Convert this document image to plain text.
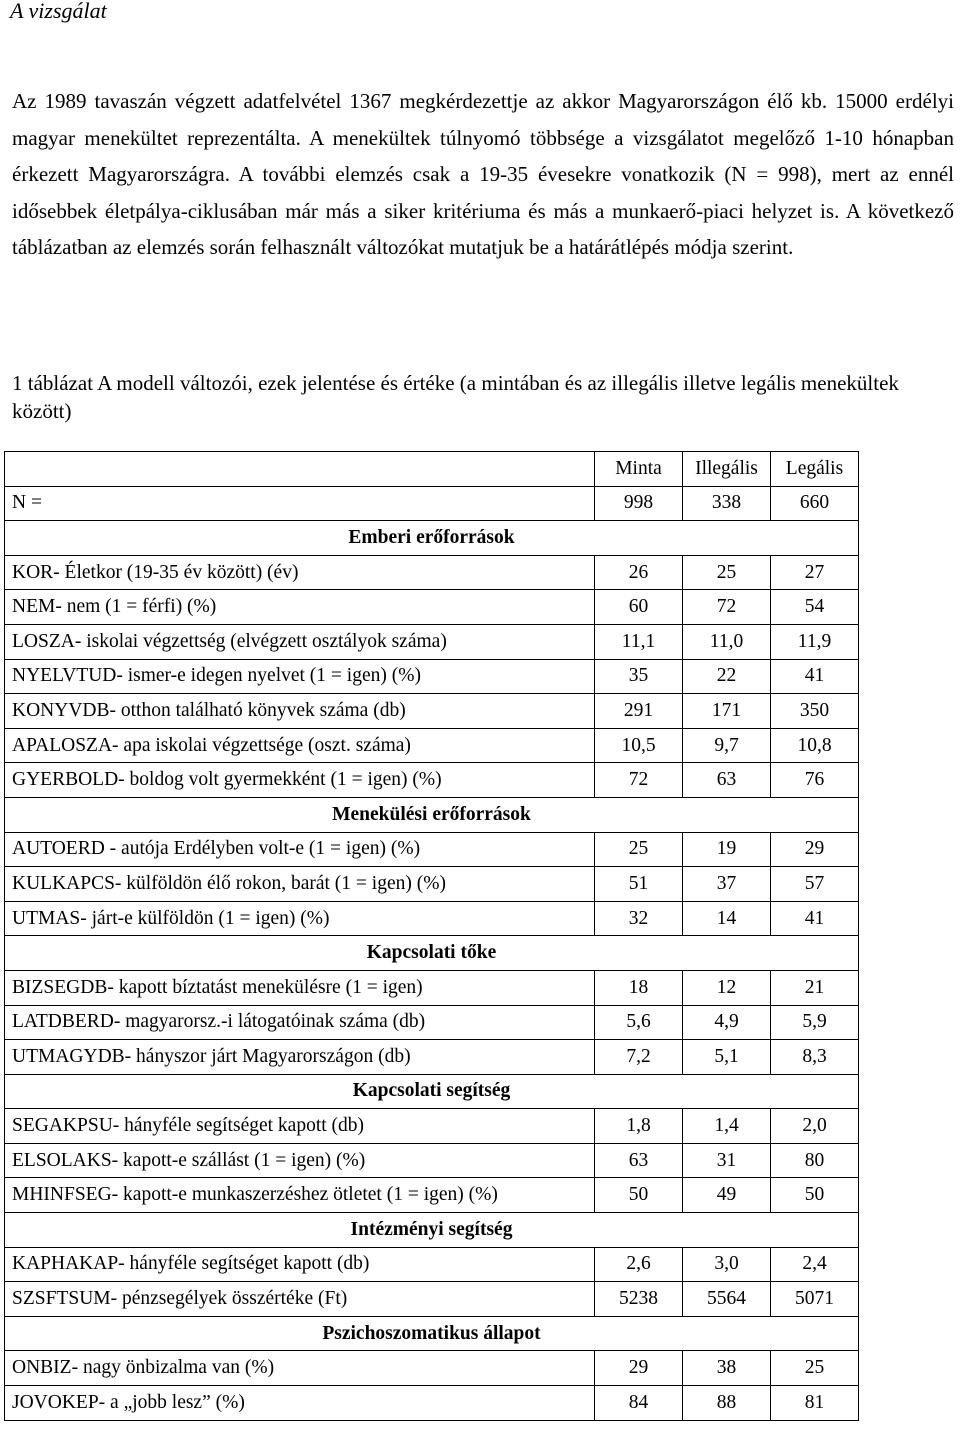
A vizsgálat

Az 1989 tavaszán végzett adatfelvétel 1367 megkérdezettje az akkor Magyarországon élő kb. 15000 erdélyi magyar menekültet reprezentálta. A menekültek túlnyomó többsége a vizsgálatot megelőző 1-10 hónapban érkezett Magyarországra. A további elemzés csak a 19-35 évesekre vonatkozik (N = 998), mert az ennél idősebbek életpálya-ciklusában már más a siker kritériuma és más a munkaerő-piaci helyzet is. A következő táblázatban az elemzés során felhasznált változókat mutatjuk be a határátlépés módja szerint.

1 táblázat A modell változói, ezek jelentése és értéke (a mintában és az illegális illetve legális menekültek között)

	Minta	Illegális	Legális
N =	998	338	660
Emberi erőforrások			
KOR- Életkor (19-35 év között) (év)	26	25	27
NEM- nem (1 = férfi) (%)	60	72	54
LOSZA- iskolai végzettség (elvégzett osztályok száma)	11,1	11,0	11,9
NYELVTUD- ismer-e idegen nyelvet (1 = igen) (%)	35	22	41
KONYVDB- otthon található könyvek száma (db)	291	171	350
APALOSZA- apa iskolai végzettsége (oszt. száma)	10,5	9,7	10,8
GYERBOLD- boldog volt gyermekként (1 = igen) (%)	72	63	76
Menekülési erőforrások			
AUTOERD - autója Erdélyben volt-e (1 = igen) (%)	25	19	29
KULKAPCS- külföldön élő rokon, barát (1 = igen) (%)	51	37	57
UTMAS- járt-e külföldön (1 = igen) (%)	32	14	41
Kapcsolati tőke			
BIZSEGDB- kapott bíztatást menekülésre (1 = igen)	18	12	21
LATDBERD- magyarorsz.-i látogatóinak száma (db)	5,6	4,9	5,9
UTMAGYDB- hányszor járt Magyarországon (db)	7,2	5,1	8,3
Kapcsolati segítség			
SEGAKPSU- hányféle segítséget kapott (db)	1,8	1,4	2,0
ELSOLAKS- kapott-e szállást (1 = igen) (%)	63	31	80
MHINFSEG- kapott-e munkaszerzéshez ötletet (1 = igen) (%)	50	49	50
Intézményi segítség			
KAPHAKAP- hányféle segítséget kapott (db)	2,6	3,0	2,4
SZSFTSUM- pénzsegélyek összértéke (Ft)	5238	5564	5071
Pszichoszomatikus állapot			
ONBIZ- nagy önbizalma van (%)	29	38	25
JOVOKEP- a „jobb lesz” (%)	84	88	81
